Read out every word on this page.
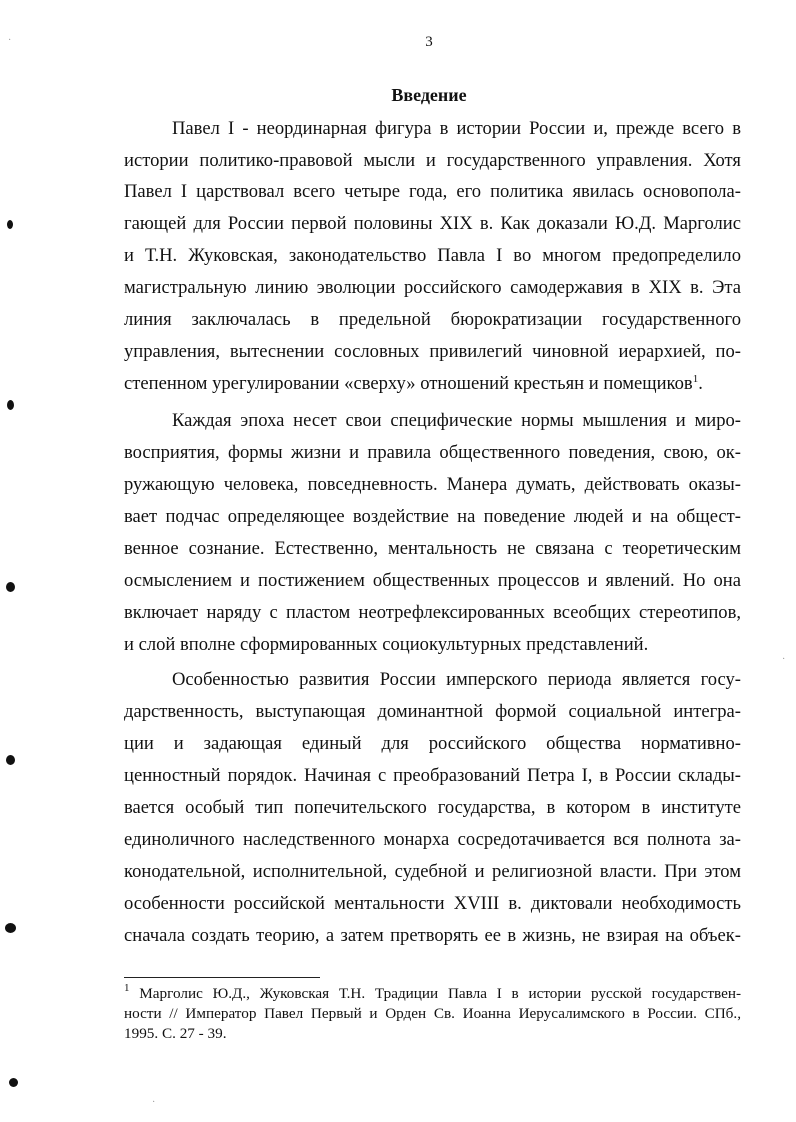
3
Введение
Павел I - неординарная фигура в истории России и, прежде всего в
истории политико-правовой мысли и государственного управления. Хотя
Павел I царствовал всего четыре года, его политика явилась основопола-
гающей для России первой половины XIX в. Как доказали Ю.Д. Марголис
и Т.Н. Жуковская, законодательство Павла I во многом предопределило
магистральную линию эволюции российского самодержавия в XIX в. Эта
линия заключалась в предельной бюрократизации государственного
управления, вытеснении сословных привилегий чиновной иерархией, по-
степенном урегулировании «сверху» отношений крестьян и помещиков$^1$.
Каждая эпоха несет свои специфические нормы мышления и миро-
восприятия, формы жизни и правила общественного поведения, свою, ок-
ружающую человека, повседневность. Манера думать, действовать оказы-
вает подчас определяющее воздействие на поведение людей и на общест-
венное сознание. Естественно, ментальность не связана с теоретическим
осмыслением и постижением общественных процессов и явлений. Но она
включает наряду с пластом неотрефлексированных всеобщих стереотипов,
и слой вполне сформированных социокультурных представлений.
Особенностью развития России имперского периода является госу-
дарственность, выступающая доминантной формой социальной интегра-
ции и задающая единый для российского общества нормативно-
ценностный порядок. Начиная с преобразований Петра I, в России склады-
вается особый тип попечительского государства, в котором в институте
единоличного наследственного монарха сосредотачивается вся полнота за-
конодательной, исполнительной, судебной и религиозной власти. При этом
особенности российской ментальности XVIII в. диктовали необходимость
сначала создать теорию, а затем претворять ее в жизнь, не взирая на объек-
$^1$ Марголис Ю.Д., Жуковская Т.Н. Традиции Павла I в истории русской государствен-
ности // Император Павел Первый и Орден Св. Иоанна Иерусалимского в России. СПб.,
1995. С. 27 - 39.
·
·
·
